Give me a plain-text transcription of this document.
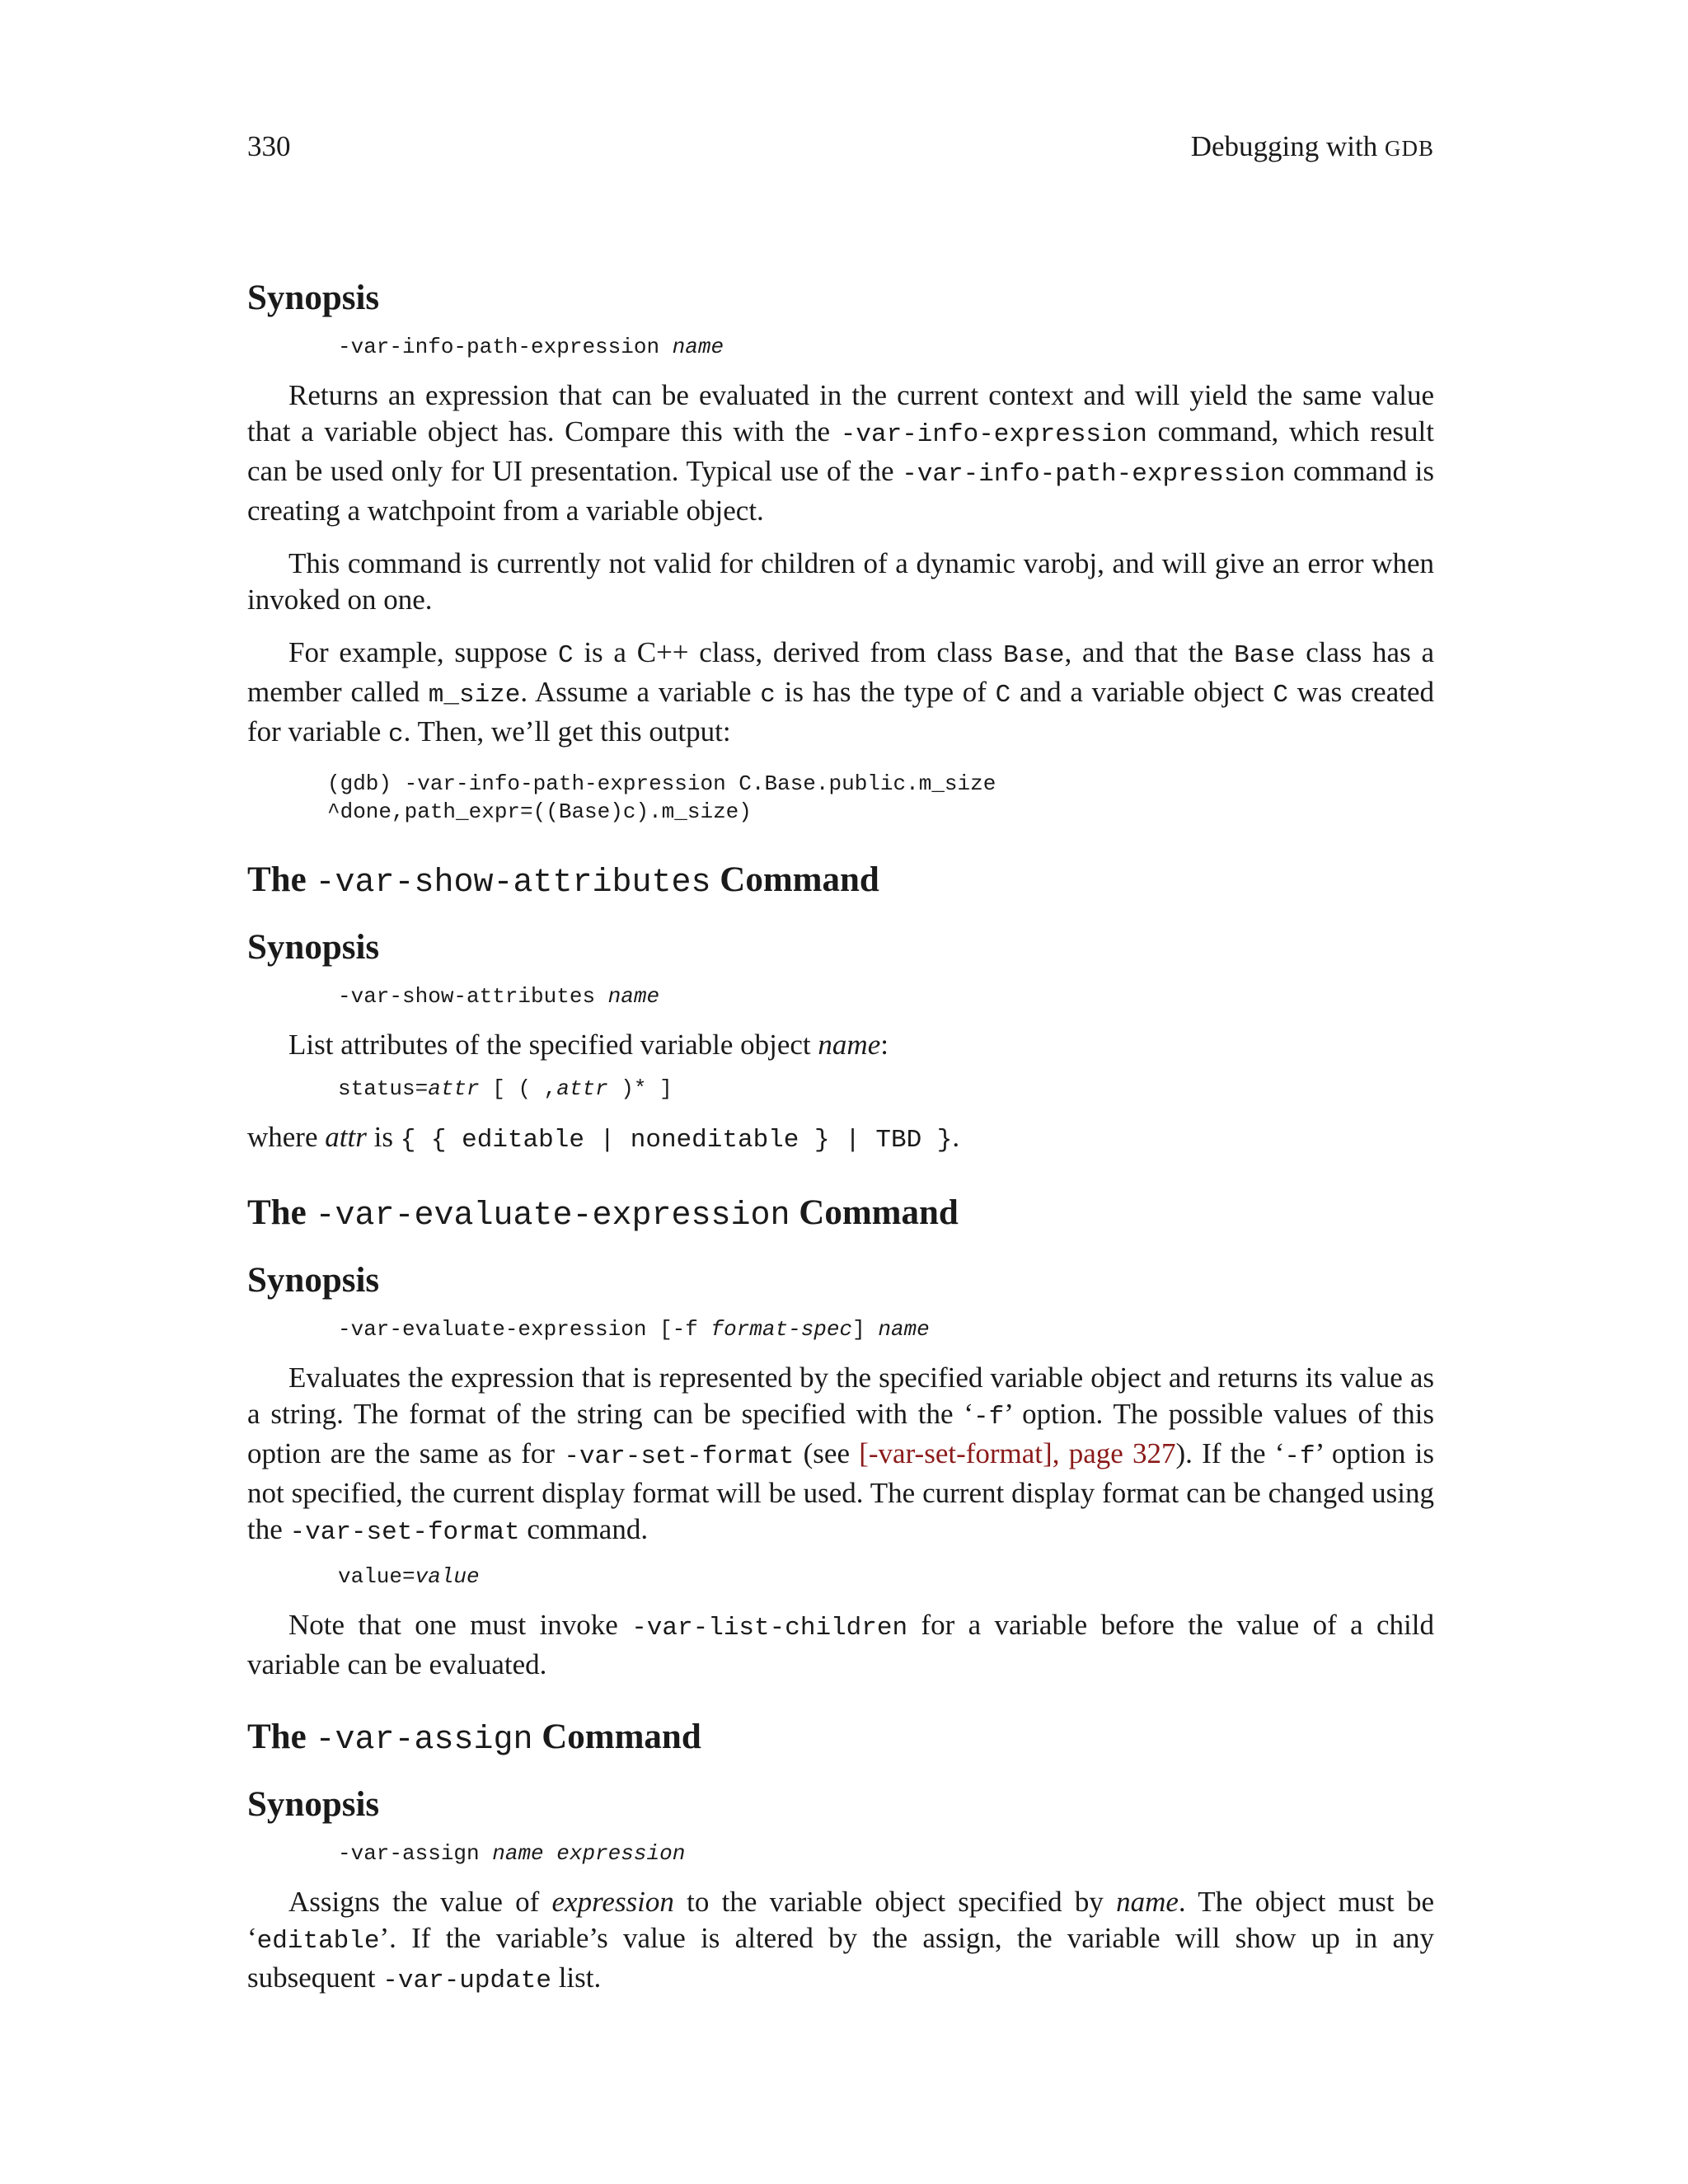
330	Debugging with GDB
Synopsis
-var-info-path-expression name

Returns an expression that can be evaluated in the current context and will yield the same value that a variable object has. Compare this with the -var-info-expression command, which result can be used only for UI presentation. Typical use of the -var-info-path-expression command is creating a watchpoint from a variable object.

This command is currently not valid for children of a dynamic varobj, and will give an error when invoked on one.

For example, suppose C is a C++ class, derived from class Base, and that the Base class has a member called m_size. Assume a variable c is has the type of C and a variable object C was created for variable c. Then, we’ll get this output:

(gdb) -var-info-path-expression C.Base.public.m_size
^done,path_expr=((Base)c).m_size)
The -var-show-attributes Command
Synopsis
-var-show-attributes name

List attributes of the specified variable object name:

status=attr [ ( ,attr )* ]

where attr is { { editable | noneditable } | TBD }.

The -var-evaluate-expression Command
Synopsis
-var-evaluate-expression [-f format-spec] name

Evaluates the expression that is represented by the specified variable object and returns its value as a string. The format of the string can be specified with the ‘-f’ option. The possible values of this option are the same as for -var-set-format (see [-var-set-format], page 327). If the ‘-f’ option is not specified, the current display format will be used. The current display format can be changed using the -var-set-format command.

value=value

Note that one must invoke -var-list-children for a variable before the value of a child variable can be evaluated.

The -var-assign Command
Synopsis
-var-assign name expression

Assigns the value of expression to the variable object specified by name. The object must be ‘editable’. If the variable’s value is altered by the assign, the variable will show up in any subsequent -var-update list.
